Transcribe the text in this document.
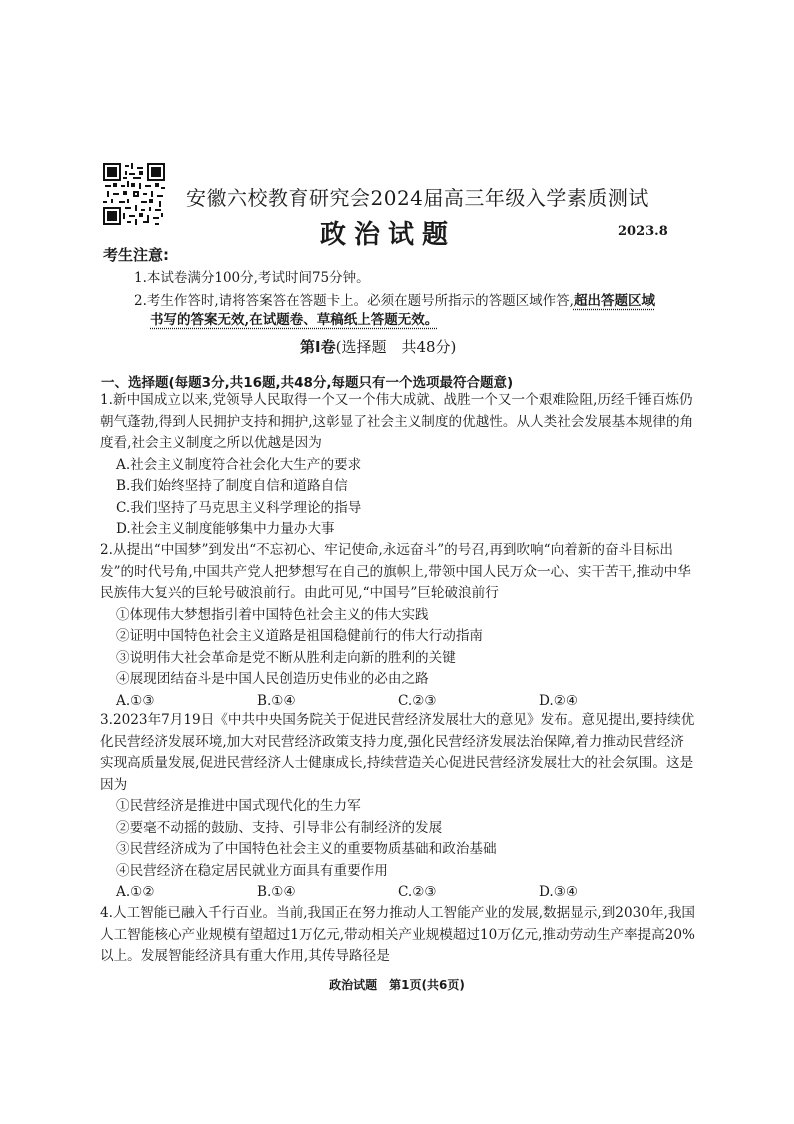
安徽六校教育研究会2024届高三年级入学素质测试
政治试题	2023.8
考生注意:
1.本试卷满分100分,考试时间75分钟。
2.考生作答时,请将答案答在答题卡上。必须在题号所指示的答题区域作答,超出答题区域
书写的答案无效,在试题卷、草稿纸上答题无效。
第Ⅰ卷(选择题　共48分)
一、选择题(每题3分,共16题,共48分,每题只有一个选项最符合题意)

1.新中国成立以来,党领导人民取得一个又一个伟大成就、战胜一个又一个艰难险阻,历经千锤百炼仍朝气蓬勃,得到人民拥护支持和拥护,这彰显了社会主义制度的优越性。从人类社会发展基本规律的角度看,社会主义制度之所以优越是因为

A.社会主义制度符合社会化大生产的要求

B.我们始终坚持了制度自信和道路自信

C.我们坚持了马克思主义科学理论的指导

D.社会主义制度能够集中力量办大事

2.从提出“中国梦”到发出“不忘初心、牢记使命,永远奋斗”的号召,再到吹响“向着新的奋斗目标出发”的时代号角,中国共产党人把梦想写在自己的旗帜上,带领中国人民万众一心、实干苦干,推动中华民族伟大复兴的巨轮号破浪前行。由此可见,“中国号”巨轮破浪前行

①体现伟大梦想指引着中国特色社会主义的伟大实践

②证明中国特色社会主义道路是祖国稳健前行的伟大行动指南

③说明伟大社会革命是党不断从胜利走向新的胜利的关键

④展现团结奋斗是中国人民创造历史伟业的必由之路

A.①③	B.①④	C.②③	D.②④

3.2023年7月19日《中共中央国务院关于促进民营经济发展壮大的意见》发布。意见提出,要持续优化民营经济发展环境,加大对民营经济政策支持力度,强化民营经济发展法治保障,着力推动民营经济实现高质量发展,促进民营经济人士健康成长,持续营造关心促进民营经济发展壮大的社会氛围。这是因为

①民营经济是推进中国式现代化的生力军

②要毫不动摇的鼓励、支持、引导非公有制经济的发展

③民营经济成为了中国特色社会主义的重要物质基础和政治基础

④民营经济在稳定居民就业方面具有重要作用

A.①②	B.①④	C.②③	D.③④

4.人工智能已融入千行百业。当前,我国正在努力推动人工智能产业的发展,数据显示,到2030年,我国人工智能核心产业规模有望超过1万亿元,带动相关产业规模超过10万亿元,推动劳动生产率提高20%以上。发展智能经济具有重大作用,其传导路径是

政治试题　第1页(共6页)
